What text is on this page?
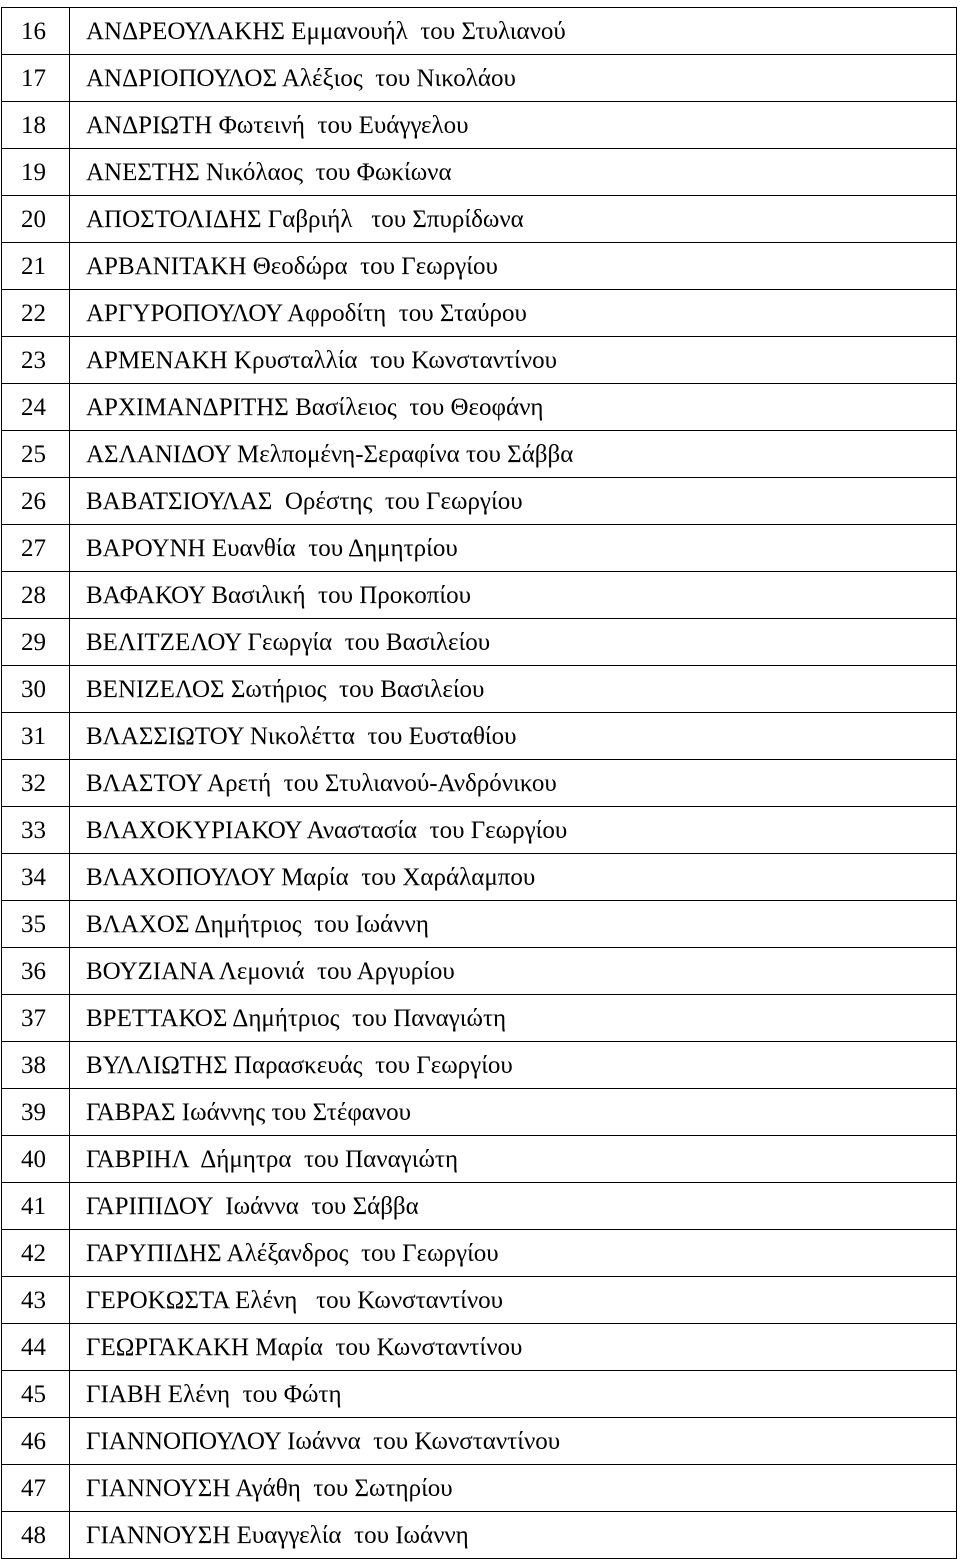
16	ΑΝΔΡΕΟΥΛΑΚΗΣ Εμμανουήλ  του Στυλιανού
17	ΑΝΔΡΙΟΠΟΥΛΟΣ Αλέξιος  του Νικολάου
18	ΑΝΔΡΙΩΤΗ Φωτεινή  του Ευάγγελου
19	ΑΝΕΣΤΗΣ Νικόλαος  του Φωκίωνα
20	ΑΠΟΣΤΟΛΙΔΗΣ Γαβριήλ   του Σπυρίδωνα
21	ΑΡΒΑΝΙΤΑΚΗ Θεοδώρα  του Γεωργίου
22	ΑΡΓΥΡΟΠΟΥΛΟΥ Αφροδίτη  του Σταύρου
23	ΑΡΜΕΝΑΚΗ Κρυσταλλία  του Κωνσταντίνου
24	ΑΡΧΙΜΑΝΔΡΙΤΗΣ Βασίλειος  του Θεοφάνη
25	ΑΣΛΑΝΙΔΟΥ Μελπομένη-Σεραφίνα του Σάββα
26	ΒΑΒΑΤΣΙΟΥΛΑΣ  Ορέστης  του Γεωργίου
27	ΒΑΡΟΥΝΗ Ευανθία  του Δημητρίου
28	ΒΑΦΑΚΟΥ Βασιλική  του Προκοπίου
29	ΒΕΛΙΤΖΕΛΟΥ Γεωργία  του Βασιλείου
30	ΒΕΝΙΖΕΛΟΣ Σωτήριος  του Βασιλείου
31	ΒΛΑΣΣΙΩΤΟΥ Νικολέττα  του Ευσταθίου
32	ΒΛΑΣΤΟΥ Αρετή  του Στυλιανού-Ανδρόνικου
33	ΒΛΑΧΟΚΥΡΙΑΚΟΥ Αναστασία  του Γεωργίου
34	ΒΛΑΧΟΠΟΥΛΟΥ Μαρία  του Χαράλαμπου
35	ΒΛΑΧΟΣ Δημήτριος  του Ιωάννη
36	ΒΟΥΖΙΑΝΑ Λεμονιά  του Αργυρίου
37	ΒΡΕΤΤΑΚΟΣ Δημήτριος  του Παναγιώτη
38	ΒΥΛΛΙΩΤΗΣ Παρασκευάς  του Γεωργίου
39	ΓΑΒΡΑΣ Ιωάννης του Στέφανου
40	ΓΑΒΡΙΗΛ  Δήμητρα  του Παναγιώτη
41	ΓΑΡΙΠΙΔΟΥ  Ιωάννα  του Σάββα
42	ΓΑΡΥΠΙΔΗΣ Αλέξανδρος  του Γεωργίου
43	ΓΕΡΟΚΩΣΤΑ Ελένη   του Κωνσταντίνου
44	ΓΕΩΡΓΑΚΑΚΗ Μαρία  του Κωνσταντίνου
45	ΓΙΑΒΗ Ελένη  του Φώτη
46	ΓΙΑΝΝΟΠΟΥΛΟΥ Ιωάννα  του Κωνσταντίνου
47	ΓΙΑΝΝΟΥΣΗ Αγάθη  του Σωτηρίου
48	ΓΙΑΝΝΟΥΣΗ Ευαγγελία  του Ιωάννη
